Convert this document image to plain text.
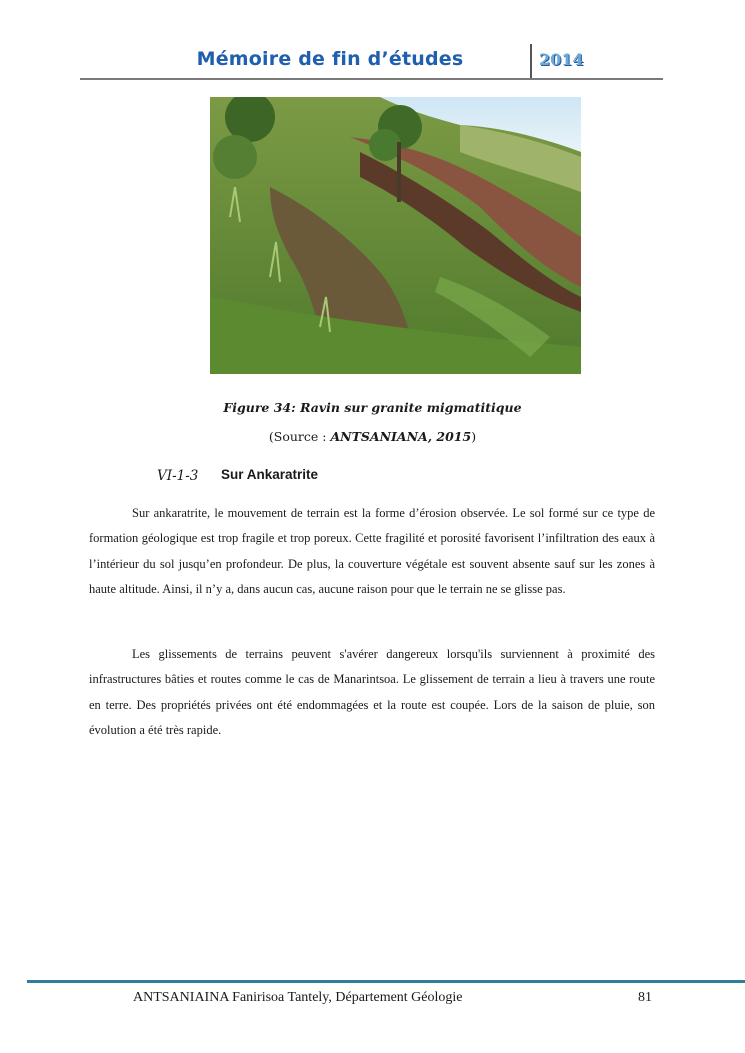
Mémoire de fin d’études	2014
Figure 34: Ravin sur granite migmatitique
(Source : ANTSANIANA, 2015)
VI-1-3 Sur Ankaratrite
Sur ankaratrite, le mouvement de terrain est la forme d’érosion observée. Le sol formé sur ce type de formation géologique est trop fragile et trop poreux. Cette fragilité et porosité favorisent l’infiltration des eaux à l’intérieur du sol jusqu’en profondeur. De plus, la couverture végétale est souvent absente sauf sur les zones à haute altitude. Ainsi, il n’y a, dans aucun cas, aucune raison pour que le terrain ne se glisse pas.
Les glissements de terrains peuvent s'avérer dangereux lorsqu'ils surviennent à proximité des infrastructures bâties et routes comme le cas de Manarintsoa. Le glissement de terrain a lieu à travers une route en terre. Des propriétés privées ont été endommagées et la route est coupée. Lors de la saison de pluie, son évolution a été très rapide.
ANTSANIAINA Fanirisoa Tantely, Département Géologie	81
